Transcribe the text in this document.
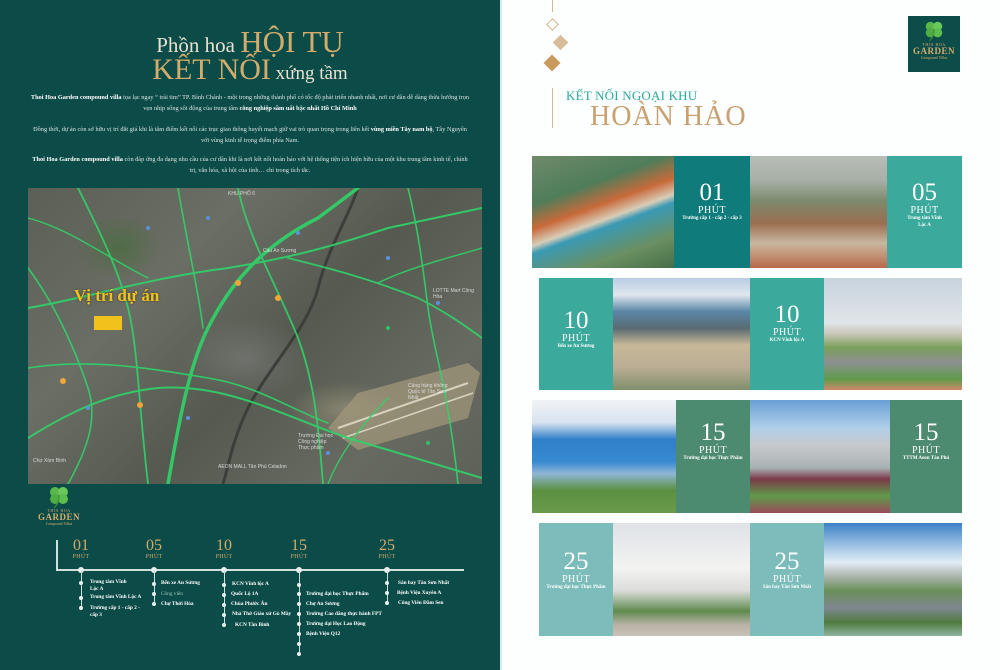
Phồn hoa HỘI TỤ
KẾT NỐI xứng tầm

Thoi Hoa Garden compound villa tọa lạc ngay “ trái tim” TP. Bình Chánh - một trong những thành phố có tốc độ phát triển nhanh nhất, nơi cư dân dễ dàng thừa hưởng trọn vẹn nhịp sống sôi động của trung tâm công nghiệp sầm uất bậc nhất Hồ Chí Minh

Đồng thời, dự án còn sở hữu vị trí đắt giá khi là tâm điểm kết nối các trục giao thông huyết mạch giữ vai trò quan trọng trong liên kết vùng miền Tây nam bộ, Tây Nguyên với vùng kinh tế trọng điểm phía Nam.

Thoi Hoa Garden compound villa còn đáp ứng đa dạng nhu cầu của cư dân khi là nơi kết nối hoàn hảo với hệ thống tiện ích hiện hữu của một khu trung tâm kinh tế, chính trị, văn hóa, xã hội của tỉnh… chỉ trong tích tắc.

KHU PHỐ 6
Cầu An Sương
LOTTE Mart Cộng Hòa
Cảng hàng không Quốc tế Tân Sơn Nhất
AEON MALL Tân Phú Celadon
Chợ Xóm Bình
Trường Đại học Công nghiệp Thực phẩm
Vị trí dự án
THOI HOA
GARDEN
Compound Villas
01
PHÚT
Trung tâm Vĩnh Lộc A
Trung tâm Vĩnh Lộc A
Trường cấp 1 - cấp 2 - cấp 3
05
PHÚT
Bến xe An Sương
Công viên
Chợ Thới Hòa
10
PHÚT
KCN Vĩnh lộc A
Quốc Lộ 1A
Chùa Phước Ân
Nhà Thờ Giáo xứ Gò Mây
KCN Tân Bình
15
PHÚT
Trường đại học Thực Phẩm
Chợ An Sương
Trường Cao đẳng thực hành FPT
Trường đại Học Lao Động
Bệnh Viện Q12
25
PHÚT
Sân bay Tân Sơn Nhất
Bệnh Viện Xuyên A
Công Viên Đầm Sen
KẾT NỐI NGOẠI KHU
HOÀN HẢO
THOI HOA
GARDEN
Compound Villas
01
PHÚT
Trường cấp 1 - cấp 2 - cấp 3
05
PHÚT
Trung tâm Vĩnh Lộc A
10
PHÚT
Bến xe An Sương
10
PHÚT
KCN Vĩnh lộc A
15
PHÚT
Trường đại học Thực Phẩm
15
PHÚT
TTTM Aeon Tân Phú
25
PHÚT
Trường đại học Thực Phẩm
25
PHÚT
Sân bay Tân Sơn Nhất
